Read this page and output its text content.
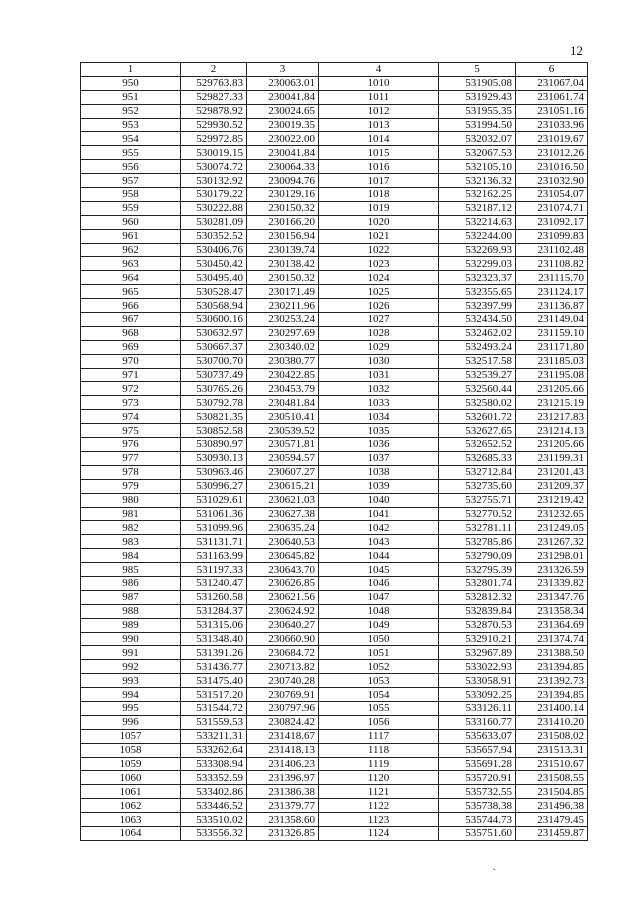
12
1	2	3	4	5	6
950	529763.83	230063.01	1010	531905.08	231067.04
951	529827.33	230041.84	1011	531929.43	231061.74
952	529878.92	230024.65	1012	531955.35	231051.16
953	529930.52	230019.35	1013	531994.50	231033.96
954	529972.85	230022.00	1014	532032.07	231019.67
955	530019.15	230041.84	1015	532067.53	231012.26
956	530074.72	230064.33	1016	532105.10	231016.50
957	530132.92	230094.76	1017	532136.32	231032.90
958	530179.22	230129.16	1018	532162.25	231054.07
959	530222.88	230150.32	1019	532187.12	231074.71
960	530281.09	230166.20	1020	532214.63	231092.17
961	530352.52	230156.94	1021	532244.00	231099.83
962	530406.76	230139.74	1022	532269.93	231102.48
963	530450.42	230138.42	1023	532299.03	231108.82
964	530495.40	230150.32	1024	532323.37	231115.70
965	530528.47	230171.49	1025	532355.65	231124.17
966	530568.94	230211.96	1026	532397.99	231136.87
967	530600.16	230253.24	1027	532434.50	231149.04
968	530632.97	230297.69	1028	532462.02	231159.10
969	530667.37	230340.02	1029	532493.24	231171.80
970	530700.70	230380.77	1030	532517.58	231185.03
971	530737.49	230422.85	1031	532539.27	231195.08
972	530765.26	230453.79	1032	532560.44	231205.66
973	530792.78	230481.84	1033	532580.02	231215.19
974	530821.35	230510.41	1034	532601.72	231217.83
975	530852.58	230539.52	1035	532627.65	231214.13
976	530890.97	230571.81	1036	532652.52	231205.66
977	530930.13	230594.57	1037	532685.33	231199.31
978	530963.46	230607.27	1038	532712.84	231201.43
979	530996.27	230615.21	1039	532735.60	231209.37
980	531029.61	230621.03	1040	532755.71	231219.42
981	531061.36	230627.38	1041	532770.52	231232.65
982	531099.96	230635.24	1042	532781.11	231249.05
983	531131.71	230640.53	1043	532785.86	231267.32
984	531163.99	230645.82	1044	532790.09	231298.01
985	531197.33	230643.70	1045	532795.39	231326.59
986	531240.47	230626.85	1046	532801.74	231339.82
987	531260.58	230621.56	1047	532812.32	231347.76
988	531284.37	230624.92	1048	532839.84	231358.34
989	531315.06	230640.27	1049	532870.53	231364.69
990	531348.40	230660.90	1050	532910.21	231374.74
991	531391.26	230684.72	1051	532967.89	231388.50
992	531436.77	230713.82	1052	533022.93	231394.85
993	531475.40	230740.28	1053	533058.91	231392.73
994	531517.20	230769.91	1054	533092.25	231394.85
995	531544.72	230797.96	1055	533126.11	231400.14
996	531559.53	230824.42	1056	533160.77	231410.20
1057	533211.31	231418.67	1117	535633.07	231508.02
1058	533262.64	231418.13	1118	535657.94	231513.31
1059	533308.94	231406.23	1119	535691.28	231510.67
1060	533352.59	231396.97	1120	535720.91	231508.55
1061	533402.86	231386.38	1121	535732.55	231504.85
1062	533446.52	231379.77	1122	535738.38	231496.38
1063	533510.02	231358.60	1123	535744.73	231479.45
1064	533556.32	231326.85	1124	535751.60	231459.87
.
